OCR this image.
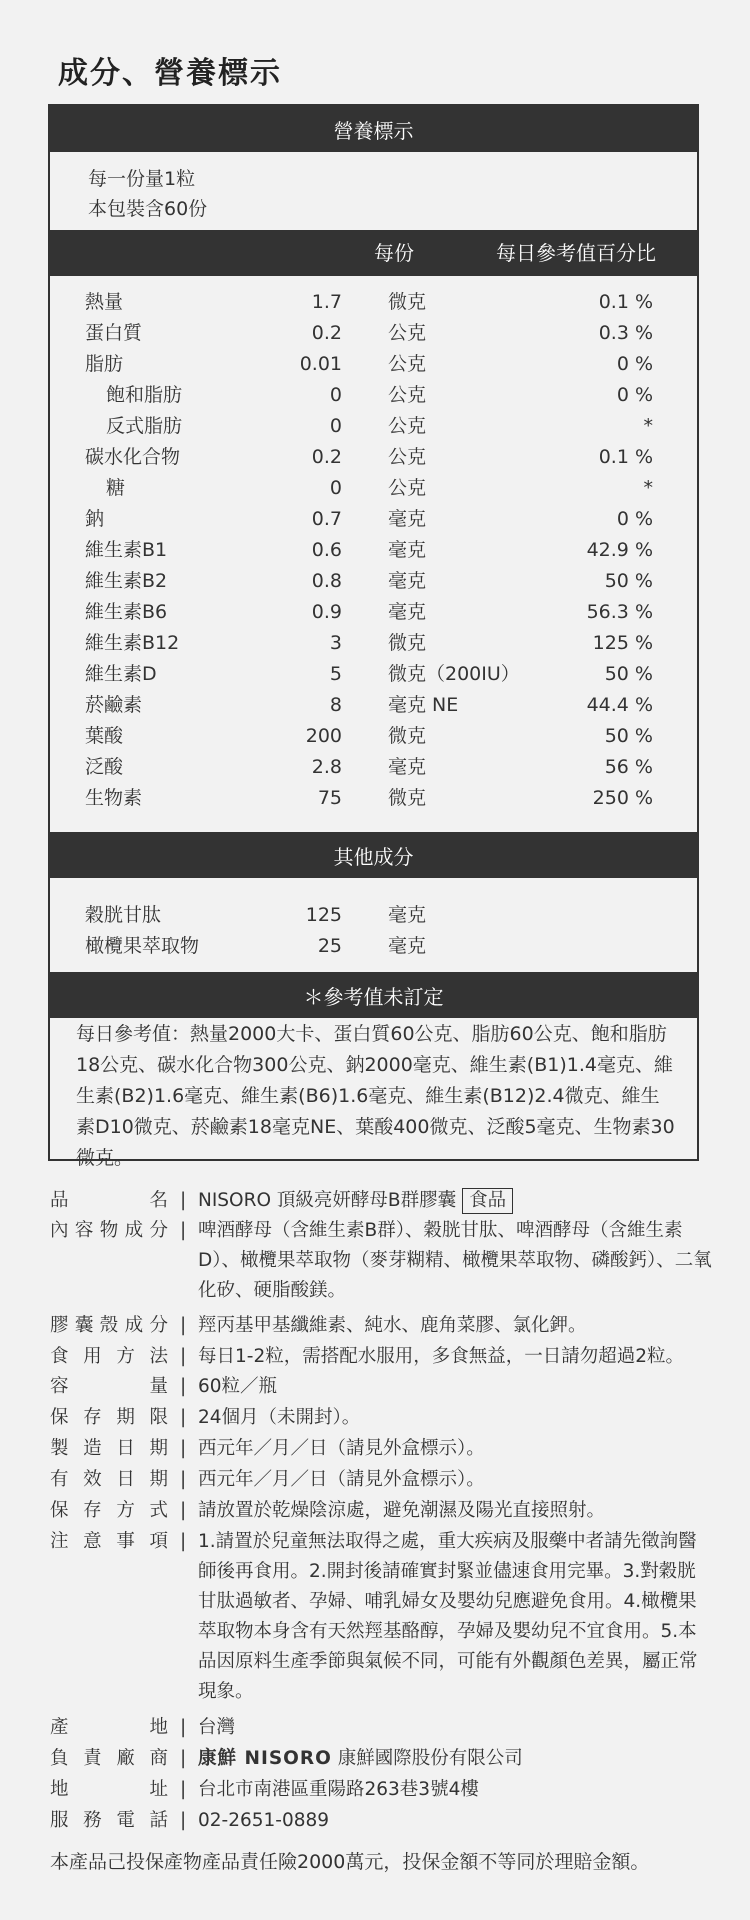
成分、營養標示
營養標示
每一份量1粒
本包裝含60份
每份	每日參考值百分比
熱量	1.7 微克	0.1 %
蛋白質	0.2 公克	0.3 %
脂肪	0.01 公克	0 %
飽和脂肪	0 公克	0 %
反式脂肪	0 公克	*
碳水化合物	0.2 公克	0.1 %
糖	0 公克	*
鈉	0.7 毫克	0 %
維生素B1	0.6 毫克	42.9 %
維生素B2	0.8 毫克	50 %
維生素B6	0.9 毫克	56.3 %
維生素B12	3 微克	125 %
維生素D	5 微克（200IU）	50 %
菸鹼素	8 毫克 NE	44.4 %
葉酸	200 微克	50 %
泛酸	2.8 毫克	56 %
生物素	75 微克	250 %
其他成分
穀胱甘肽	125 毫克
橄欖果萃取物	25 毫克
＊參考值未訂定
每日參考值：熱量2000大卡、蛋白質60公克、脂肪60公克、飽和脂肪18公克、碳水化合物300公克、鈉2000毫克、維生素(B1)1.4毫克、維生素(B2)1.6毫克、維生素(B6)1.6毫克、維生素(B12)2.4微克、維生素D10微克、菸鹼素18毫克NE、葉酸400微克、泛酸5毫克、生物素30微克。
品	名 | NISORO 頂級亮妍酵母B群膠囊 食品
內 容 物 成 分 | 啤酒酵母（含維生素B群）、穀胱甘肽、啤酒酵母（含維生素D）、橄欖果萃取物（麥芽糊精、橄欖果萃取物、磷酸鈣）、二氧化矽、硬脂酸鎂。
膠 囊 殼 成 分 | 羥丙基甲基纖維素、純水、鹿角菜膠、氯化鉀。
食 用 方 法 | 每日1-2粒，需搭配水服用，多食無益，一日請勿超過2粒。
容	量 | 60粒／瓶
保 存 期 限 | 24個月（未開封）。
製 造 日 期 | 西元年／月／日（請見外盒標示）。
有 效 日 期 | 西元年／月／日（請見外盒標示）。
保 存 方 式 | 請放置於乾燥陰涼處，避免潮濕及陽光直接照射。
注 意 事 項 | 1.請置於兒童無法取得之處，重大疾病及服藥中者請先徵詢醫師後再食用。2.開封後請確實封緊並儘速食用完畢。3.對穀胱甘肽過敏者、孕婦、哺乳婦女及嬰幼兒應避免食用。4.橄欖果萃取物本身含有天然羥基酪醇，孕婦及嬰幼兒不宜食用。5.本品因原料生產季節與氣候不同，可能有外觀顏色差異，屬正常現象。
產	地 | 台灣
負 責 廠 商 | 康鮮 NISORO 康鮮國際股份有限公司
地	址 | 台北市南港區重陽路263巷3號4樓
服 務 電 話 | 02-2651-0889
本產品己投保產物產品責任險2000萬元，投保金額不等同於理賠金額。
